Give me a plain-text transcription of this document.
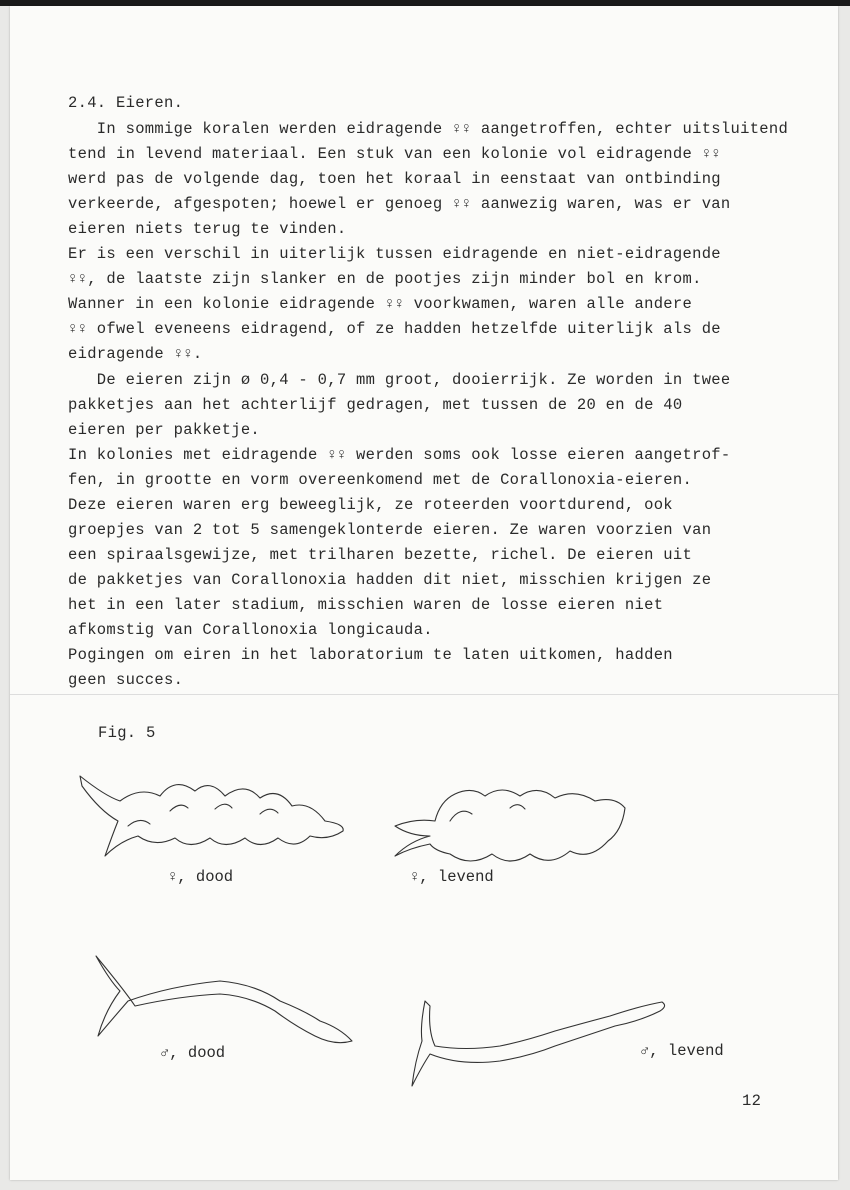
2.4. Eieren.
In sommige koralen werden eidragende ♀♀ aangetroffen, echter uitsluitend
tend in levend materiaal. Een stuk van een kolonie vol eidragende ♀♀
werd pas de volgende dag, toen het koraal in eenstaat van ontbinding
verkeerde, afgespoten; hoewel er genoeg ♀♀ aanwezig waren, was er van
eieren niets terug te vinden.
Er is een verschil in uiterlijk tussen eidragende en niet-eidragende
♀♀, de laatste zijn slanker en de pootjes zijn minder bol en krom.
Wanner in een kolonie eidragende ♀♀ voorkwamen, waren alle andere
♀♀ ofwel eveneens eidragend, of ze hadden hetzelfde uiterlijk als de
eidragende ♀♀.
De eieren zijn ø 0,4 - 0,7 mm groot, dooierrijk. Ze worden in twee
pakketjes aan het achterlijf gedragen, met tussen de 20 en de 40
eieren per pakketje.
In kolonies met eidragende ♀♀ werden soms ook losse eieren aangetrof-
fen, in grootte en vorm overeenkomend met de Corallonoxia-eieren.
Deze eieren waren erg beweeglijk, ze roteerden voortdurend, ook
groepjes van 2 tot 5 samengeklonterde eieren. Ze waren voorzien van
een spiraalsgewijze, met trilharen bezette, richel. De eieren uit
de pakketjes van Corallonoxia hadden dit niet, misschien krijgen ze
het in een later stadium, misschien waren de losse eieren niet
afkomstig van Corallonoxia longicauda.
Pogingen om eiren in het laboratorium te laten uitkomen, hadden
geen succes.
Fig. 5
♀, dood	♀, levend
♂, dood	♂, levend
12
